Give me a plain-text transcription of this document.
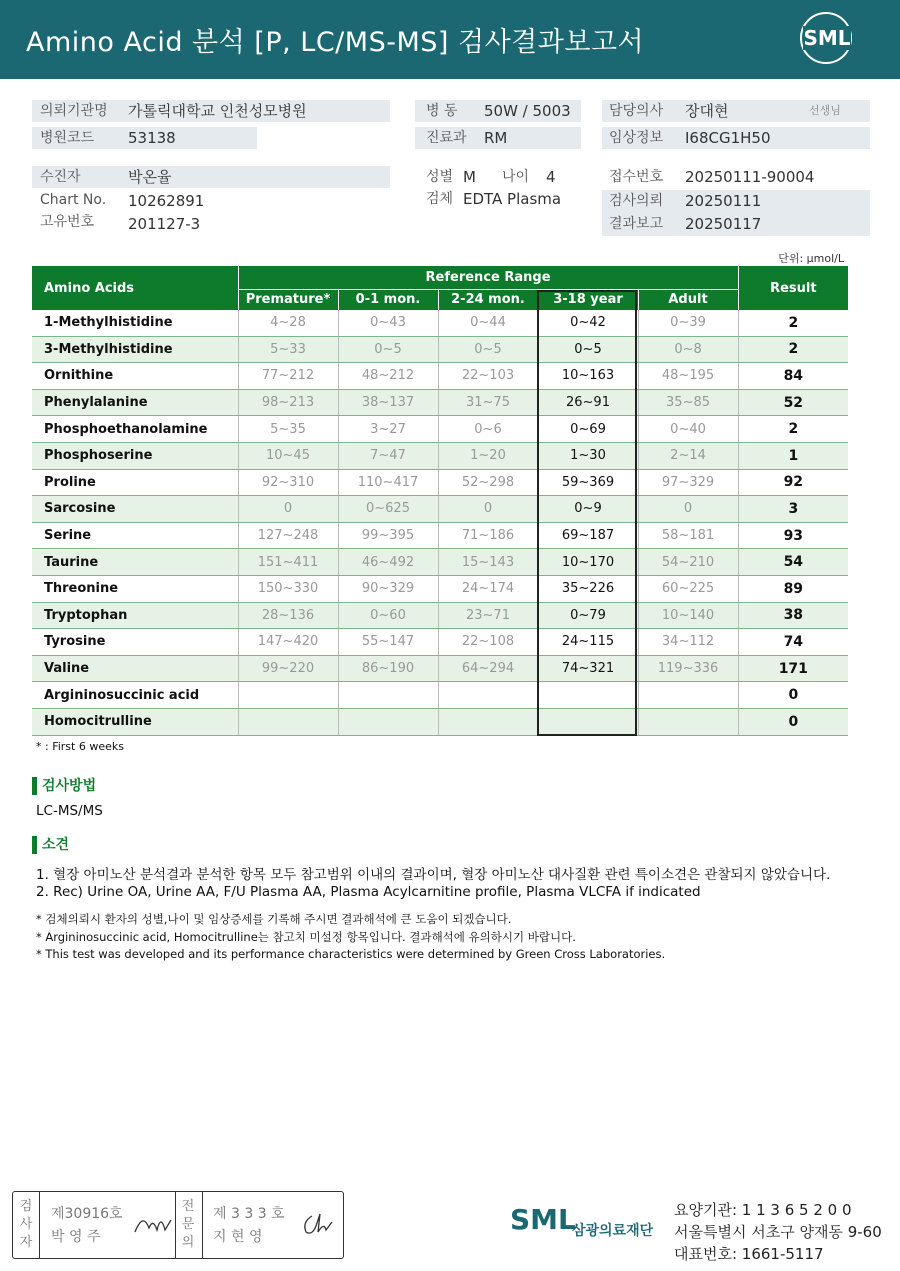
Amino Acid 분석 [P, LC/MS-MS] 검사결과보고서	SML
의뢰기관명 가톨릭대학교 인천성모병원
병원코드 53138
수진자	박온율
Chart No. 10262891
고유번호 201127-3
병 동 50W / 5003
진료과 RM
성별 M 나이 4
검체 EDTA Plasma
담당의사 장대현	선생님
임상정보 I68CG1H50
접수번호 20250111-90004
검사의뢰 20250111
결과보고 20250117
단위: μmol/L
Amino Acids	Reference Range					Result
	Premature*	0-1 mon.	2-24 mon.	3-18 year	Adult	
1-Methylhistidine	4~28	0~43	0~44	0~42	0~39	2
3-Methylhistidine	5~33	0~5	0~5	0~5	0~8	2
Ornithine	77~212	48~212	22~103	10~163	48~195	84
Phenylalanine	98~213	38~137	31~75	26~91	35~85	52
Phosphoethanolamine	5~35	3~27	0~6	0~69	0~40	2
Phosphoserine	10~45	7~47	1~20	1~30	2~14	1
Proline	92~310	110~417	52~298	59~369	97~329	92
Sarcosine	0	0~625	0	0~9	0	3
Serine	127~248	99~395	71~186	69~187	58~181	93
Taurine	151~411	46~492	15~143	10~170	54~210	54
Threonine	150~330	90~329	24~174	35~226	60~225	89
Tryptophan	28~136	0~60	23~71	0~79	10~140	38
Tyrosine	147~420	55~147	22~108	24~115	34~112	74
Valine	99~220	86~190	64~294	74~321	119~336	171
Argininosuccinic acid						0
Homocitrulline						0
* : First 6 weeks
검사방법
LC-MS/MS
소견
1. 혈장 아미노산 분석결과 분석한 항목 모두 참고범위 이내의 결과이며, 혈장 아미노산 대사질환 관련 특이소견은 관찰되지 않았습니다.
2. Rec) Urine OA, Urine AA, F/U Plasma AA, Plasma Acylcarnitine profile, Plasma VLCFA if indicated
* 검체의뢰시 환자의 성별,나이 및 임상증세를 기록해 주시면 결과해석에 큰 도움이 되겠습니다.
* Argininosuccinic acid, Homocitrulline는 참고치 미설정 항목입니다. 결과해석에 유의하시기 바랍니다.
* This test was developed and its performance characteristics were determined by Green Cross Laboratories.
검사자
제30916호
박 영 주
전문의
제 3 3 3 호
지 현 영
SML
삼광의료재단
요양기관: 1 1 3 6 5 2 0 0
서울특별시 서초구 양재동 9-60
대표번호: 1661-5117
